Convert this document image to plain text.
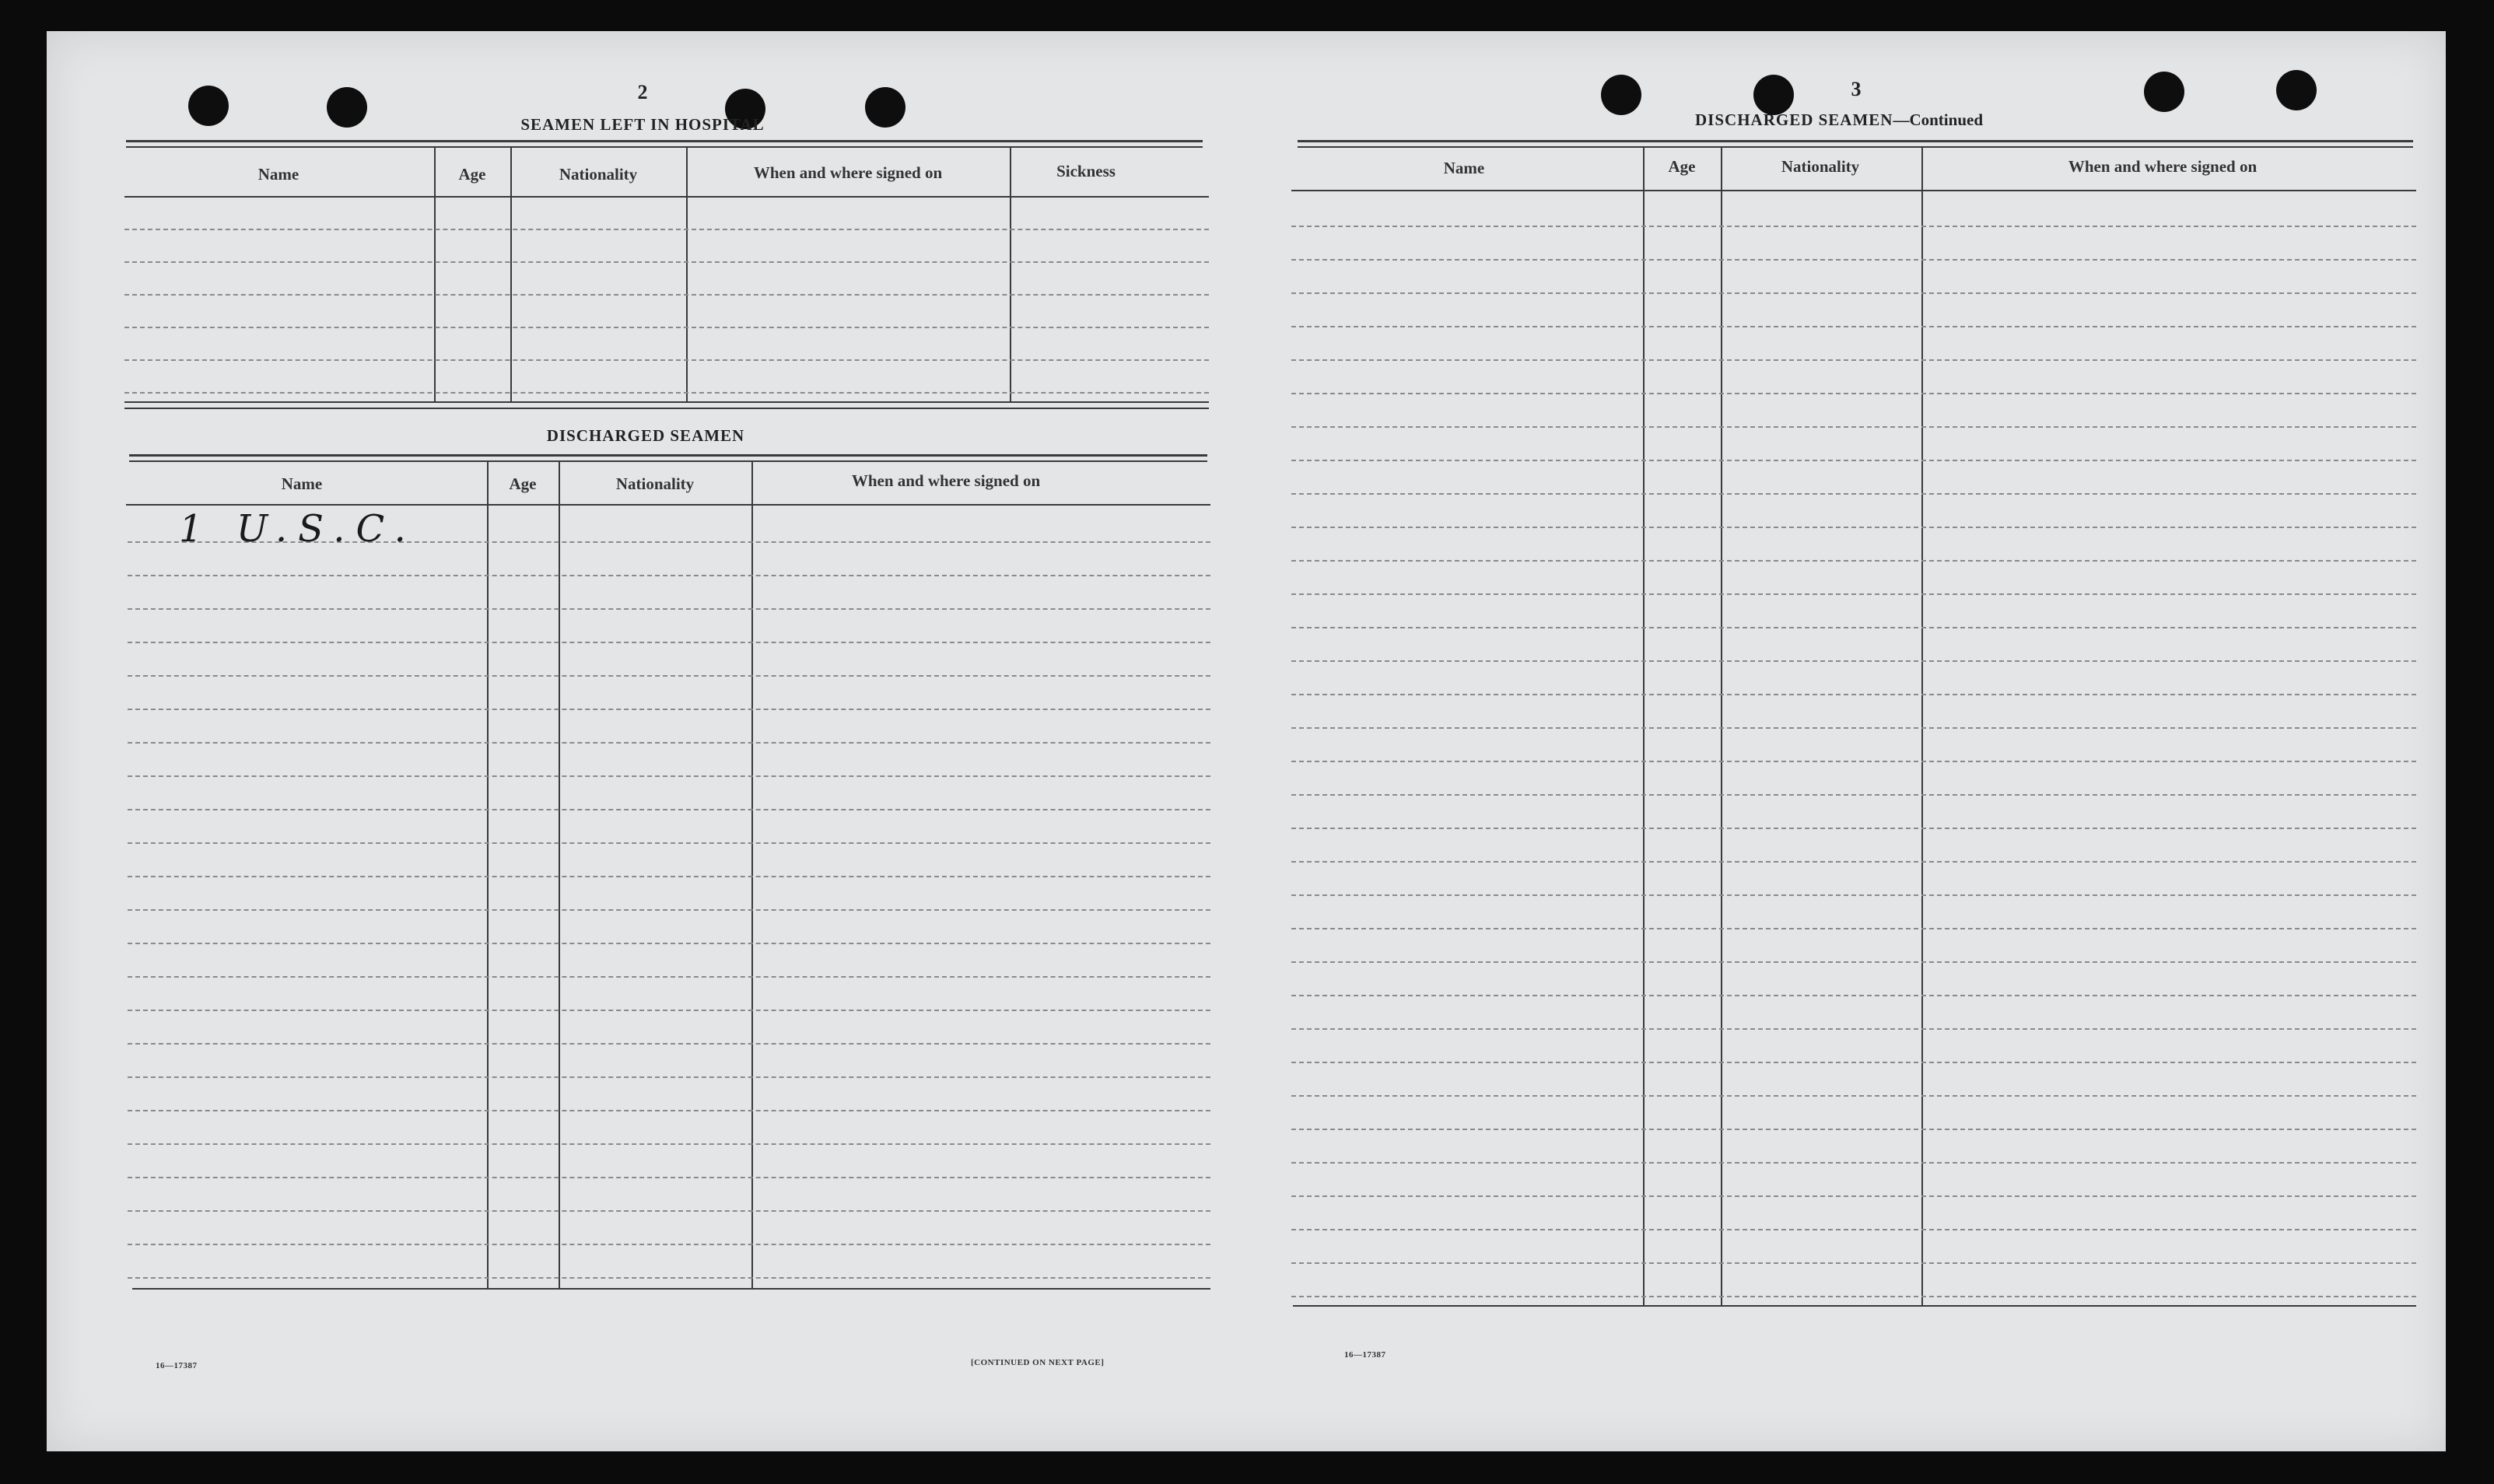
2
SEAMEN LEFT IN HOSPITAL
Name	Age	Nationality	When and where signed on	Sickness
DISCHARGED SEAMEN
Name	Age	Nationality	When and where signed on
1 U.S.C.
16—17387	[CONTINUED ON NEXT PAGE]
3
DISCHARGED SEAMEN—Continued
Name	Age	Nationality	When and where signed on
16—17387
